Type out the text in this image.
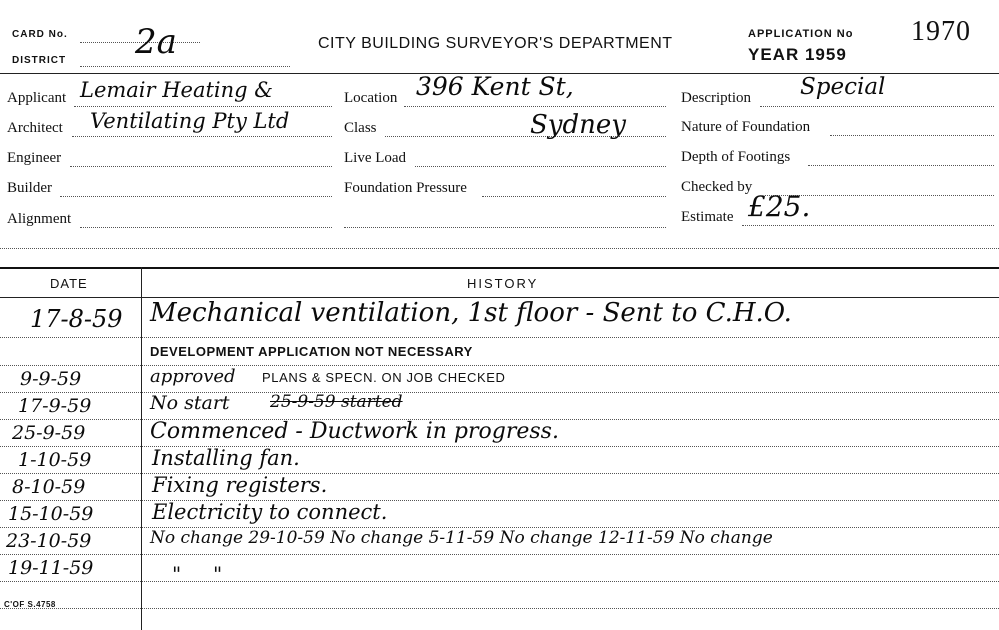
CARD No.
DISTRICT 2a	CITY BUILDING SURVEYOR'S DEPARTMENT
APPLICATION No 1970
YEAR 1959
Applicant Lemair Heating &
Architect Ventilating Pty Ltd
Engineer
Builder
Alignment
Location 396 Kent St,
Class	Sydney
Live Load
Foundation Pressure
Description Special
Nature of Foundation
Depth of Footings
Checked by
Estimate £25.
DATE	HISTORY
17-8-59 Mechanical ventilation, 1st floor - Sent to C.H.O.
DEVELOPMENT APPLICATION NOT NECESSARY
9-9-59	approved PLANS & SPECN. ON JOB CHECKED
17-9-59	No start 25-9-59 started
25-9-59	Commenced - Ductwork in progress.
1-10-59	Installing fan.
8-10-59	Fixing registers.
15-10-59	Electricity to connect.
23-10-59	No change 29-10-59 No change 5-11-59 No change 12-11-59 No change
19-11-59	"     "
C'OF S.4758
